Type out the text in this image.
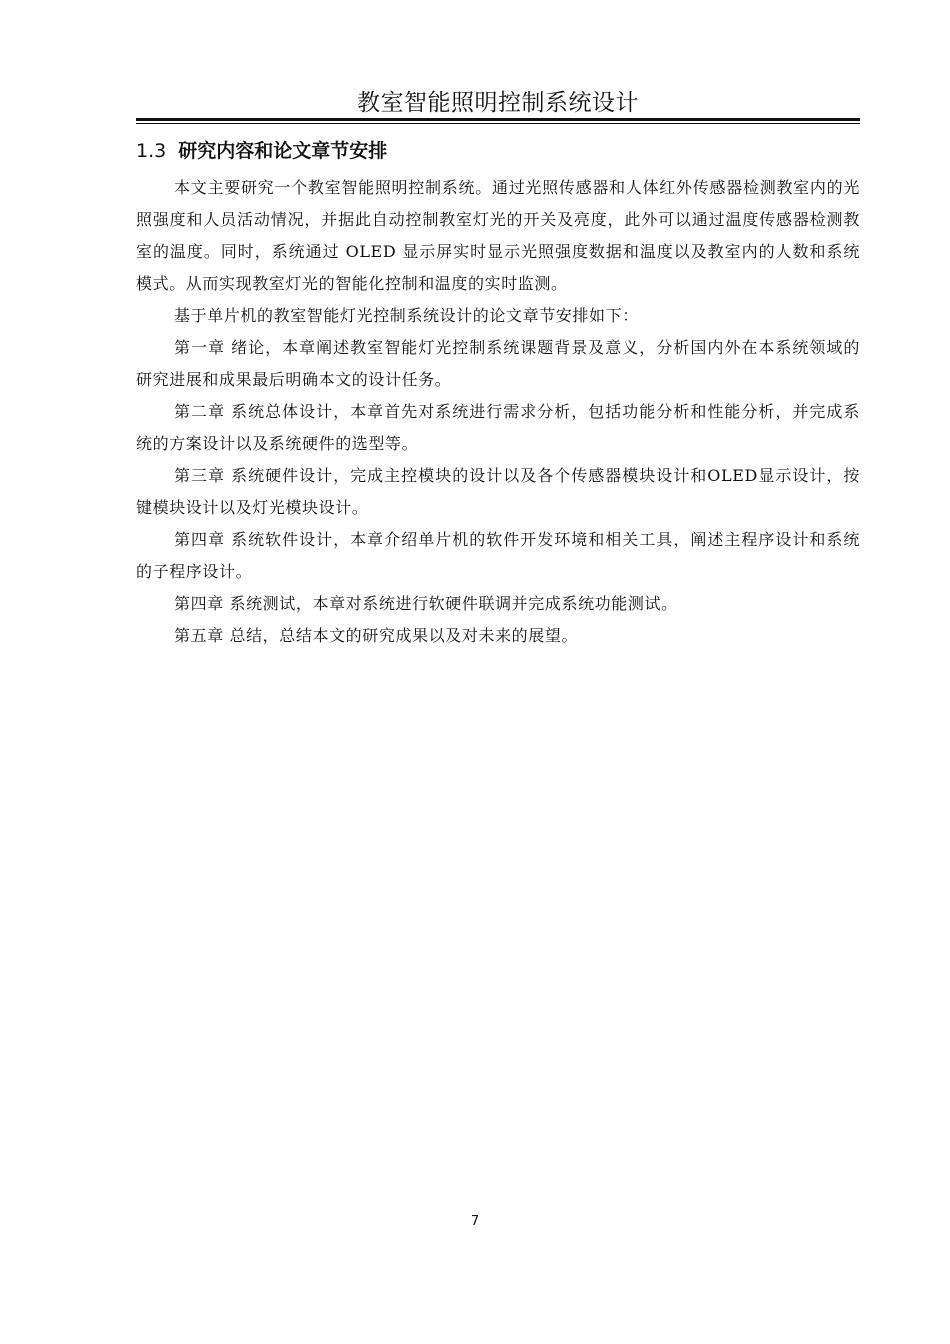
教室智能照明控制系统设计
1.3 研究内容和论文章节安排

本文主要研究一个教室智能照明控制系统。通过光照传感器和人体红外传感器检测教室内的光照强度和人员活动情况，并据此自动控制教室灯光的开关及亮度，此外可以通过温度传感器检测教室的温度。同时，系统通过 OLED 显示屏实时显示光照强度数据和温度以及教室内的人数和系统模式。从而实现教室灯光的智能化控制和温度的实时监测。

基于单片机的教室智能灯光控制系统设计的论文章节安排如下：

第一章 绪论，本章阐述教室智能灯光控制系统课题背景及意义，分析国内外在本系统领域的研究进展和成果最后明确本文的设计任务。

第二章 系统总体设计，本章首先对系统进行需求分析，包括功能分析和性能分析，并完成系统的方案设计以及系统硬件的选型等。

第三章 系统硬件设计，完成主控模块的设计以及各个传感器模块设计和OLED显示设计，按键模块设计以及灯光模块设计。

第四章 系统软件设计，本章介绍单片机的软件开发环境和相关工具，阐述主程序设计和系统的子程序设计。

第四章 系统测试，本章对系统进行软硬件联调并完成系统功能测试。

第五章 总结，总结本文的研究成果以及对未来的展望。

7
